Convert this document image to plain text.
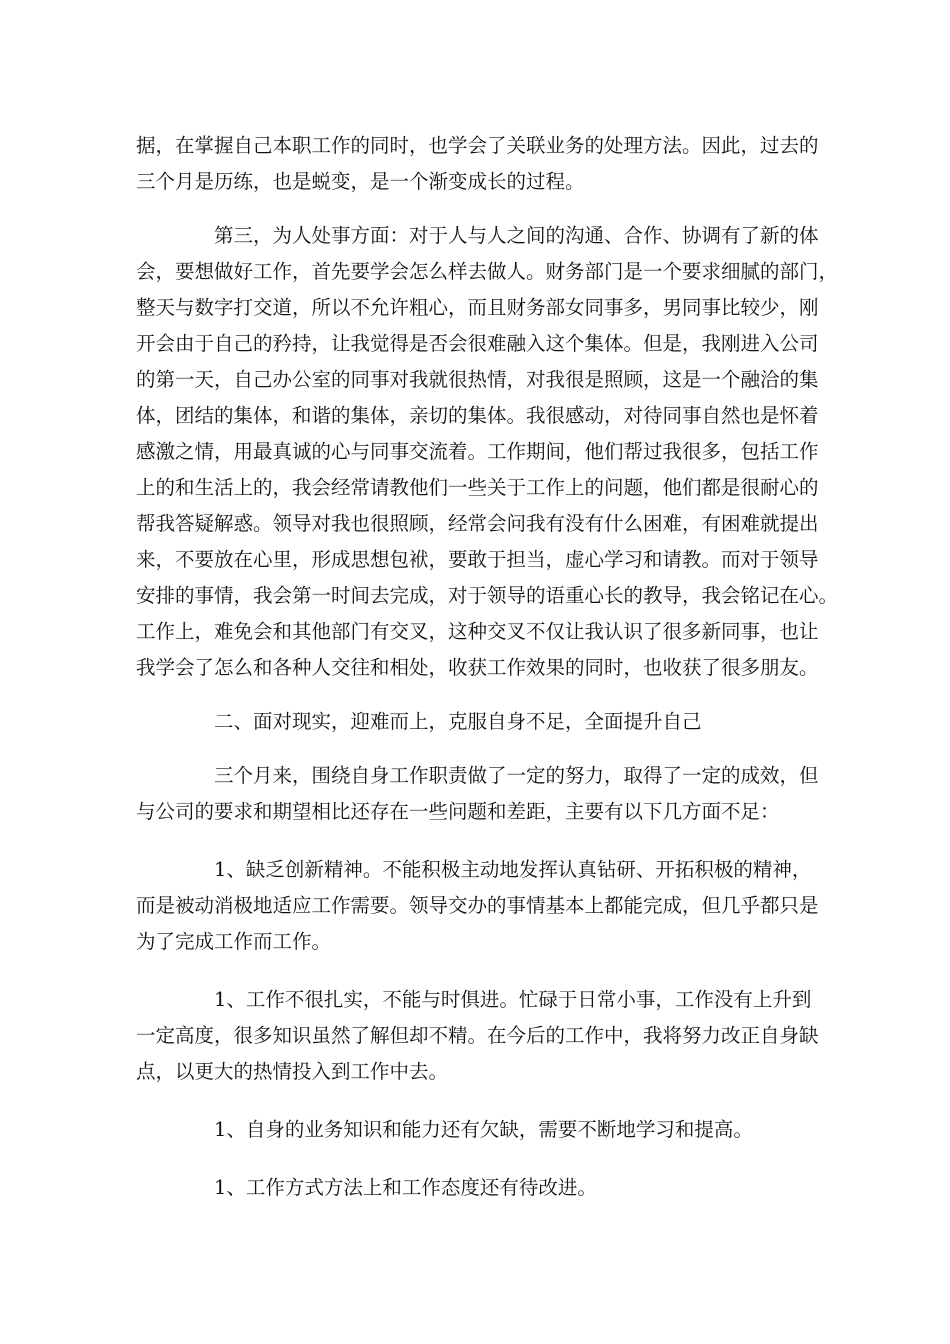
据，在掌握自己本职工作的同时，也学会了关联业务的处理方法。因此，过去的
三个月是历练，也是蜕变，是一个渐变成长的过程。

第三，为人处事方面：对于人与人之间的沟通、合作、协调有了新的体
会，要想做好工作，首先要学会怎么样去做人。财务部门是一个要求细腻的部门，
整天与数字打交道，所以不允许粗心，而且财务部女同事多，男同事比较少，刚
开会由于自己的矜持，让我觉得是否会很难融入这个集体。但是，我刚进入公司
的第一天，自己办公室的同事对我就很热情，对我很是照顾，这是一个融洽的集
体，团结的集体，和谐的集体，亲切的集体。我很感动，对待同事自然也是怀着
感激之情，用最真诚的心与同事交流着。工作期间，他们帮过我很多，包括工作
上的和生活上的，我会经常请教他们一些关于工作上的问题，他们都是很耐心的
帮我答疑解惑。领导对我也很照顾，经常会问我有没有什么困难，有困难就提出
来，不要放在心里，形成思想包袱，要敢于担当，虚心学习和请教。而对于领导
安排的事情，我会第一时间去完成，对于领导的语重心长的教导，我会铭记在心。
工作上，难免会和其他部门有交叉，这种交叉不仅让我认识了很多新同事，也让
我学会了怎么和各种人交往和相处，收获工作效果的同时，也收获了很多朋友。

二、面对现实，迎难而上，克服自身不足，全面提升自己

三个月来，围绕自身工作职责做了一定的努力，取得了一定的成效，但
与公司的要求和期望相比还存在一些问题和差距，主要有以下几方面不足：

1、缺乏创新精神。不能积极主动地发挥认真钻研、开拓积极的精神，
而是被动消极地适应工作需要。领导交办的事情基本上都能完成，但几乎都只是
为了完成工作而工作。

1、工作不很扎实，不能与时俱进。忙碌于日常小事，工作没有上升到
一定高度，很多知识虽然了解但却不精。在今后的工作中，我将努力改正自身缺
点，以更大的热情投入到工作中去。

1、自身的业务知识和能力还有欠缺，需要不断地学习和提高。

1、工作方式方法上和工作态度还有待改进。
